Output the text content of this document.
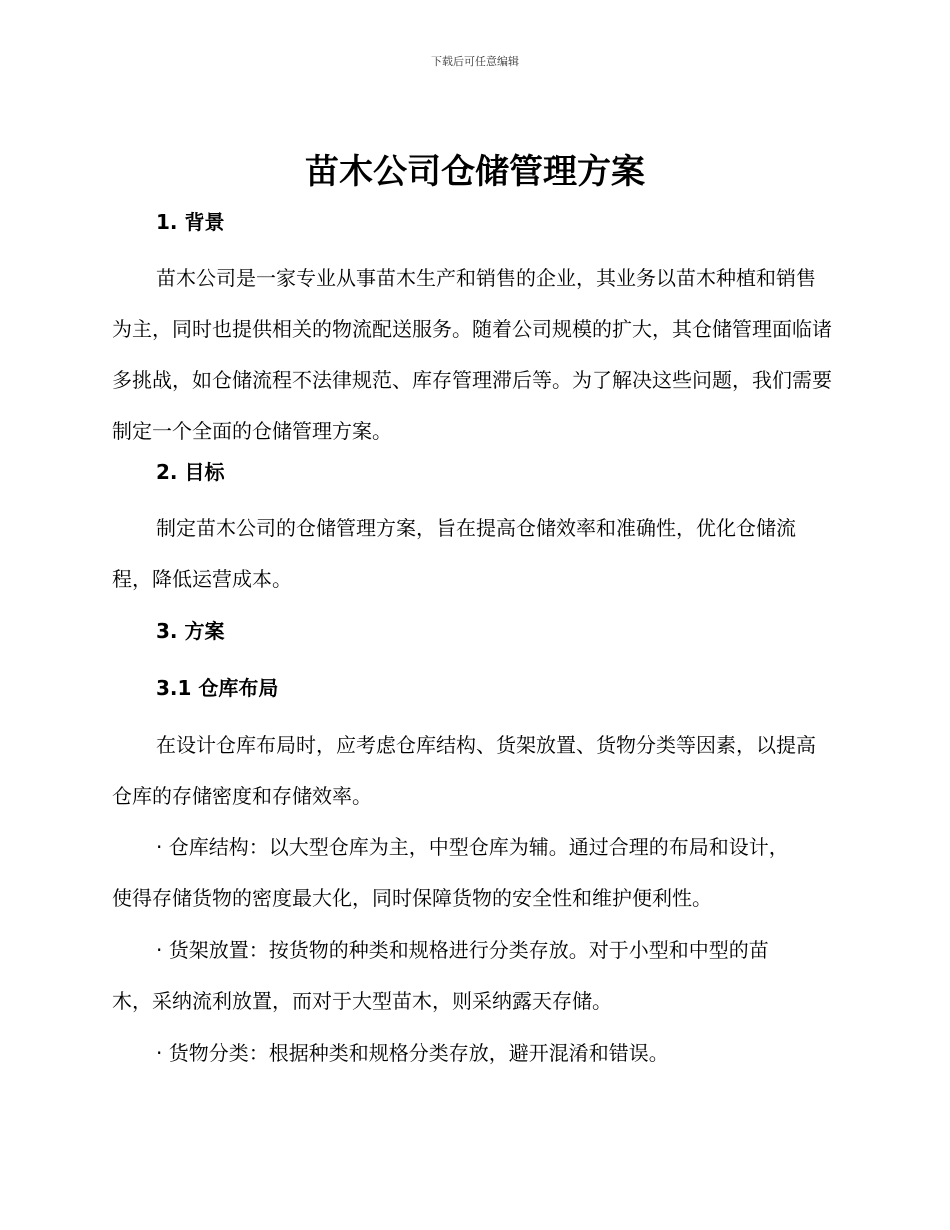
下载后可任意编辑
苗木公司仓储管理方案
1. 背景

苗木公司是一家专业从事苗木生产和销售的企业，其业务以苗木种植和销售为主，同时也提供相关的物流配送服务。随着公司规模的扩大，其仓储管理面临诸多挑战，如仓储流程不法律规范、库存管理滞后等。为了解决这些问题，我们需要制定一个全面的仓储管理方案。

2. 目标

制定苗木公司的仓储管理方案，旨在提高仓储效率和准确性，优化仓储流程，降低运营成本。

3. 方案
3.1 仓库布局

在设计仓库布局时，应考虑仓库结构、货架放置、货物分类等因素，以提高仓库的存储密度和存储效率。

· 仓库结构：以大型仓库为主，中型仓库为辅。通过合理的布局和设计，使得存储货物的密度最大化，同时保障货物的安全性和维护便利性。

· 货架放置：按货物的种类和规格进行分类存放。对于小型和中型的苗木，采纳流利放置，而对于大型苗木，则采纳露天存储。

· 货物分类：根据种类和规格分类存放，避开混淆和错误。
